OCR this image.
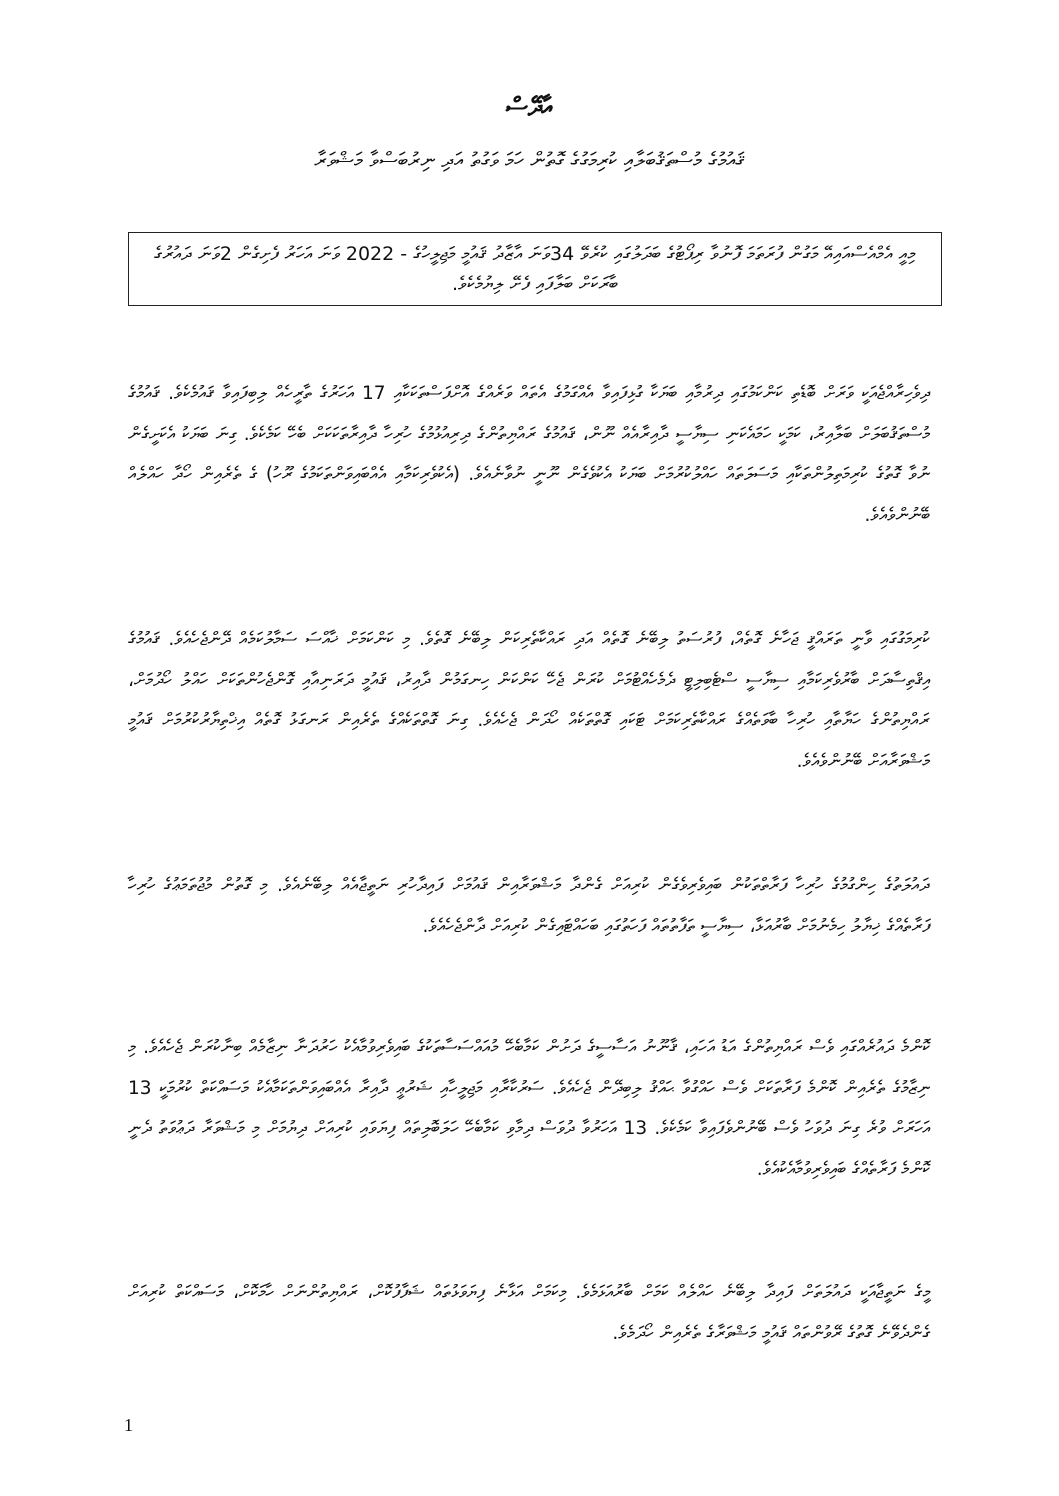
އާދޭސް
ޤައުމުގެ މުސްތަޤުބަލާއި ކުރިމަގުގެ ގޮތުން ހަމަ ވަގުތު އަދި ނިރުބަސްވާ މަޝްވަރާ
މިއީ އެމްއެސްއައިއޭ މަގުން ފުރަތަމަ ފޮނުވާ ރިޕޯޓުގެ ބަދަލުގައި ކުރެވޭ 34ވަނަ އާޒާދު ޤައުމީ މަޖިލީހުގެ - 2022 ވަނަ އަހަރު ފެށިގެން 2ވަނަ ދައުރުގެ ބާރަކަށް ބަލާފައި ފެށޭ ލިޔުމެކެވެ.
ދިވެހިރާއްޖެއަކީ ވަރަށް ބޮޑެތި ކަންކަމުގައި ދިރުމާއި ބަޔަކާ ގުޅިފައިވާ އެއްގަމުގެ އެތައް ވަރެއްގެ އޮށްފަސްތަކަކާއި 17 އަހަރުގެ ތާރީހެއް ލިބިފައިވާ ޤައުމެކެވެ. ޤައުމުގެ މުސްތަޤުބަލަށް ބަލާއިރު، ކަމަކީ ހަމައެކަނި ސިޔާސީ ދާއިރާއެއް ނޫން، ޤައުމުގެ ރައްޔިތުންގެ ދިރިއުޅުމުގެ ހުރިހާ ދާއިރާތަކަކަށް ބެހޭ ކަމެކެވެ. ގިނަ ބަޔަކު އެކަށީގެން ނުވާ ގޮތުގެ ކުރިމަތިލުންތަކާއި މަސަލަތައް ހައްލުކުރުމަށް ބަޔަކު އެކުވެގެން ނޫނީ ނުވާނެއެވެ. (އެކުވެރިކަމާއި އެއްބައިވަންތަކަމުގެ ރޫހު) ގެ ތެރެއިން ހޯދާ ހައްލެއް ބޭނުންވެއެވެ.
ކުރިމަގުގައި ވާނީ ތަރައްޤީ ޖަހާނެ ގޮތެއް، ފުރުސަތު ލިބޭނެ ގޮތެއް އަދި ރައްކާތެރިކަން ލިބޭނެ ގޮތެވެ. މި ކަންކަމަށް ޚާއްސަ ސަމާލުކަމެއް ދޭންޖެހެއެވެ. ޤައުމުގެ އިޤްތިސާދަށް ބާރުވެރިކަމާއި ސިޔާސީ ސްޓެބިލިޓީ ދެމެހެއްޓުމަށް ކުރަން ޖެހޭ ކަންކަން ހިނގަމުން ދާއިރު، ޤައުމީ ދަރަނިއާއި ގޮންޖެހުންތަކަށް ހައްލު ހޯދުމަށް، ރައްޔިތުންގެ ހަޔާތާއި ހުރިހާ ބާވަތެއްގެ ރައްކާތެރިކަމަށް ޓަކައި ގޮތްތަކެއް ހޯދަން ޖެހެއެވެ. ގިނަ ގޮތްތަކެއްގެ ތެރެއިން ރަނގަޅު ގޮތެއް އިޚްތިޔާރުކުރުމަށް ޤައުމީ މަޝްވަރާއަށް ބޭނުންވެއެވެ.
ދައުލަތުގެ ހިންގުމުގެ ހުރިހާ ފަރާތްތަކުން ބައިވެރިވެގެން ކުރިއަށް ގެންދާ މަޝްވަރާއިން ޤައުމަށް ފައިދާހުރި ނަތީޖާއެއް ލިބޭނެއެވެ. މި ގޮތުން މުޖުތަމަޢުގެ ހުރިހާ ފަރާތެއްގެ ޚިޔާލު ހިމެނުމަށް ބާރުއަޅާ، ސިޔާސީ ތަފާތުތައް ފަހަތުގައި ބަހައްޓައިގެން ކުރިއަށް ދާންޖެހެއެވެ.
ކޮންމެ ދައުރެއްގައި ވެސް ރައްޔިތުންގެ އަޑު އަހައި، ޤާނޫނު އަސާސީގެ ދަށުން ކަމާބެހޭ މުއައްސަސާތަކުގެ ބައިވެރިވުމާއެކު ހަރުދަނާ ނިޒާމެއް ބިނާކުރަން ޖެހެއެވެ. މި ނިޒާމުގެ ތެރެއިން ކޮންމެ ފަރާތަކަށް ވެސް ހައްގުވާ ޙައްޤު ލިބިދޭން ޖެހެއެވެ. ސަރުކާރާއި މަޖިލީހާއި ޝަރުޢީ ދާއިރާ އެއްބައިވަންތަކަމާއެކު މަސައްކަތް ކުރުމަކީ 13 އަހަރަށް ވުރެ ގިނަ ދުވަހު ވެސް ބޭނުންވެފައިވާ ކަމެކެވެ. 13 އަހަރުވާ ދުވަސް ދިމާވި ކަމާބެހޭ ހަލަބޮލިތައް ފިޔަވައި ކުރިއަށް ދިޔުމަށް މި މަޝްވަރާ ދަޢުވަތު ދެނީ ކޮންމެ ފަރާތެއްގެ ބައިވެރިވުމާއެކުއެވެ.
މީގެ ނަތީޖާއަކީ ދައުލަތަށް ފައިދާ ލިބޭނެ ހައްލެއް ކަމަށް ބާރުއަޅަމެވެ. މިކަމަށް އަޅާނެ ފިޔަވަޅުތައް ޝަފާފުކޮށް، ރައްޔިތުންނަށް ހާމަކޮށް، މަސައްކަތް ކުރިއަށް ގެންދެވޭނެ ގޮތުގެ ރޭވުންތައް ޤައުމީ މަޝްވަރާގެ ތެރެއިން ހޯދަމެވެ.
1
